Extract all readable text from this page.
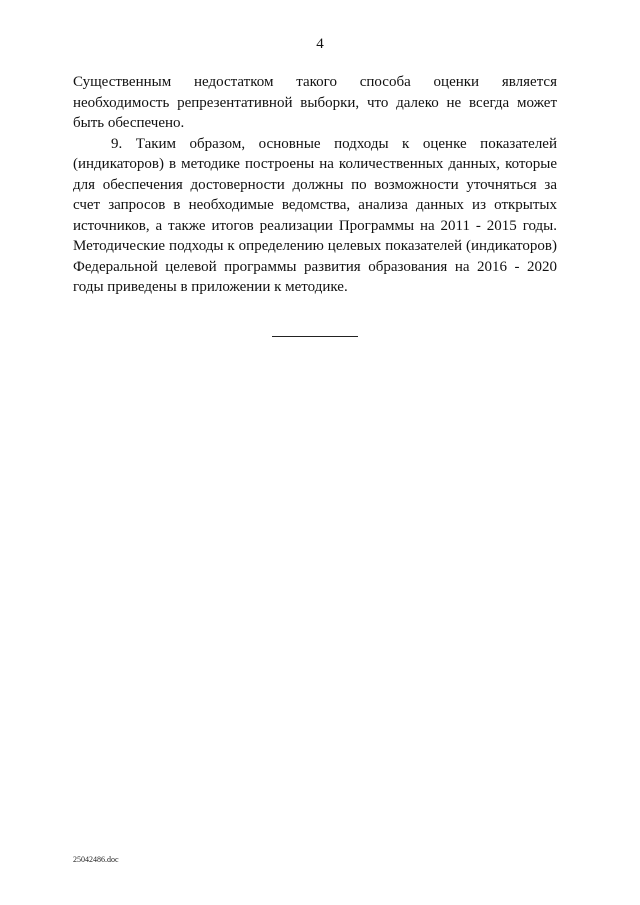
4

Существенным недостатком такого способа оценки является необходимость репрезентативной выборки, что далеко не всегда может быть обеспечено.

9. Таким образом, основные подходы к оценке показателей (индикаторов) в методике построены на количественных данных, которые для обеспечения достоверности должны по возможности уточняться за счет запросов в необходимые ведомства, анализа данных из открытых источников, а также итогов реализации Программы на 2011 - 2015 годы. Методические подходы к определению целевых показателей (индикаторов) Федеральной целевой программы развития образования на 2016 - 2020 годы приведены в приложении к методике.

25042486.doc
